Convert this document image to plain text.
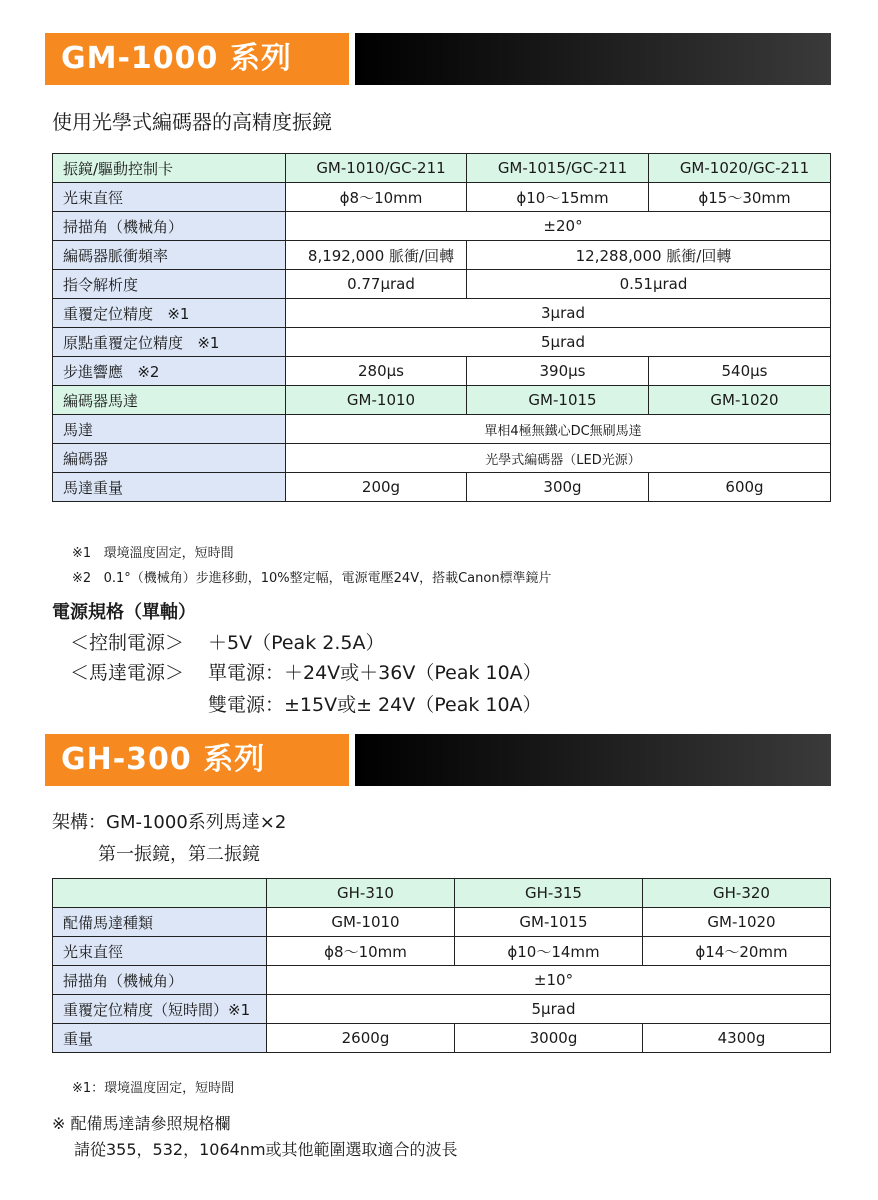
GM-1000 系列
使用光學式編碼器的高精度振鏡
振鏡/驅動控制卡	GM-1010/GC-211	GM-1015/GC-211	GM-1020/GC-211
光束直徑	ϕ8〜10mm	ϕ10〜15mm	ϕ15〜30mm
掃描角（機械角）	±20°		
編碼器脈衝頻率	8,192,000 脈衝/回轉	12,288,000 脈衝/回轉	
指令解析度	0.77μrad	0.51μrad	
重覆定位精度 ※1	3μrad		
原點重覆定位精度 ※1	5μrad		
步進響應 ※2	280μs	390μs	540μs
編碼器馬達	GM-1010	GM-1015	GM-1020
馬達	單相4極無鐵心DC無刷馬達		
編碼器	光學式編碼器（LED光源）		
馬達重量	200g	300g	600g
※1 環境溫度固定，短時間
※2 0.1°（機械角）步進移動，10%整定幅，電源電壓24V，搭載Canon標準鏡片
電源規格（單軸）
＜控制電源＞ ＋5V（Peak 2.5A）
＜馬達電源＞ 單電源：＋24V或＋36V（Peak 10A）
雙電源：±15V或± 24V（Peak 10A）
GH-300 系列
架構：GM-1000系列馬達×2
第一振鏡，第二振鏡
	GH-310	GH-315	GH-320
配備馬達種類	GM-1010	GM-1015	GM-1020
光束直徑	ϕ8〜10mm	ϕ10〜14mm	ϕ14〜20mm
掃描角（機械角）	±10°		
重覆定位精度（短時間）※1	5μrad		
重量	2600g	3000g	4300g
※1：環境溫度固定，短時間
※ 配備馬達請參照規格欄
請從355，532，1064nm或其他範圍選取適合的波長
